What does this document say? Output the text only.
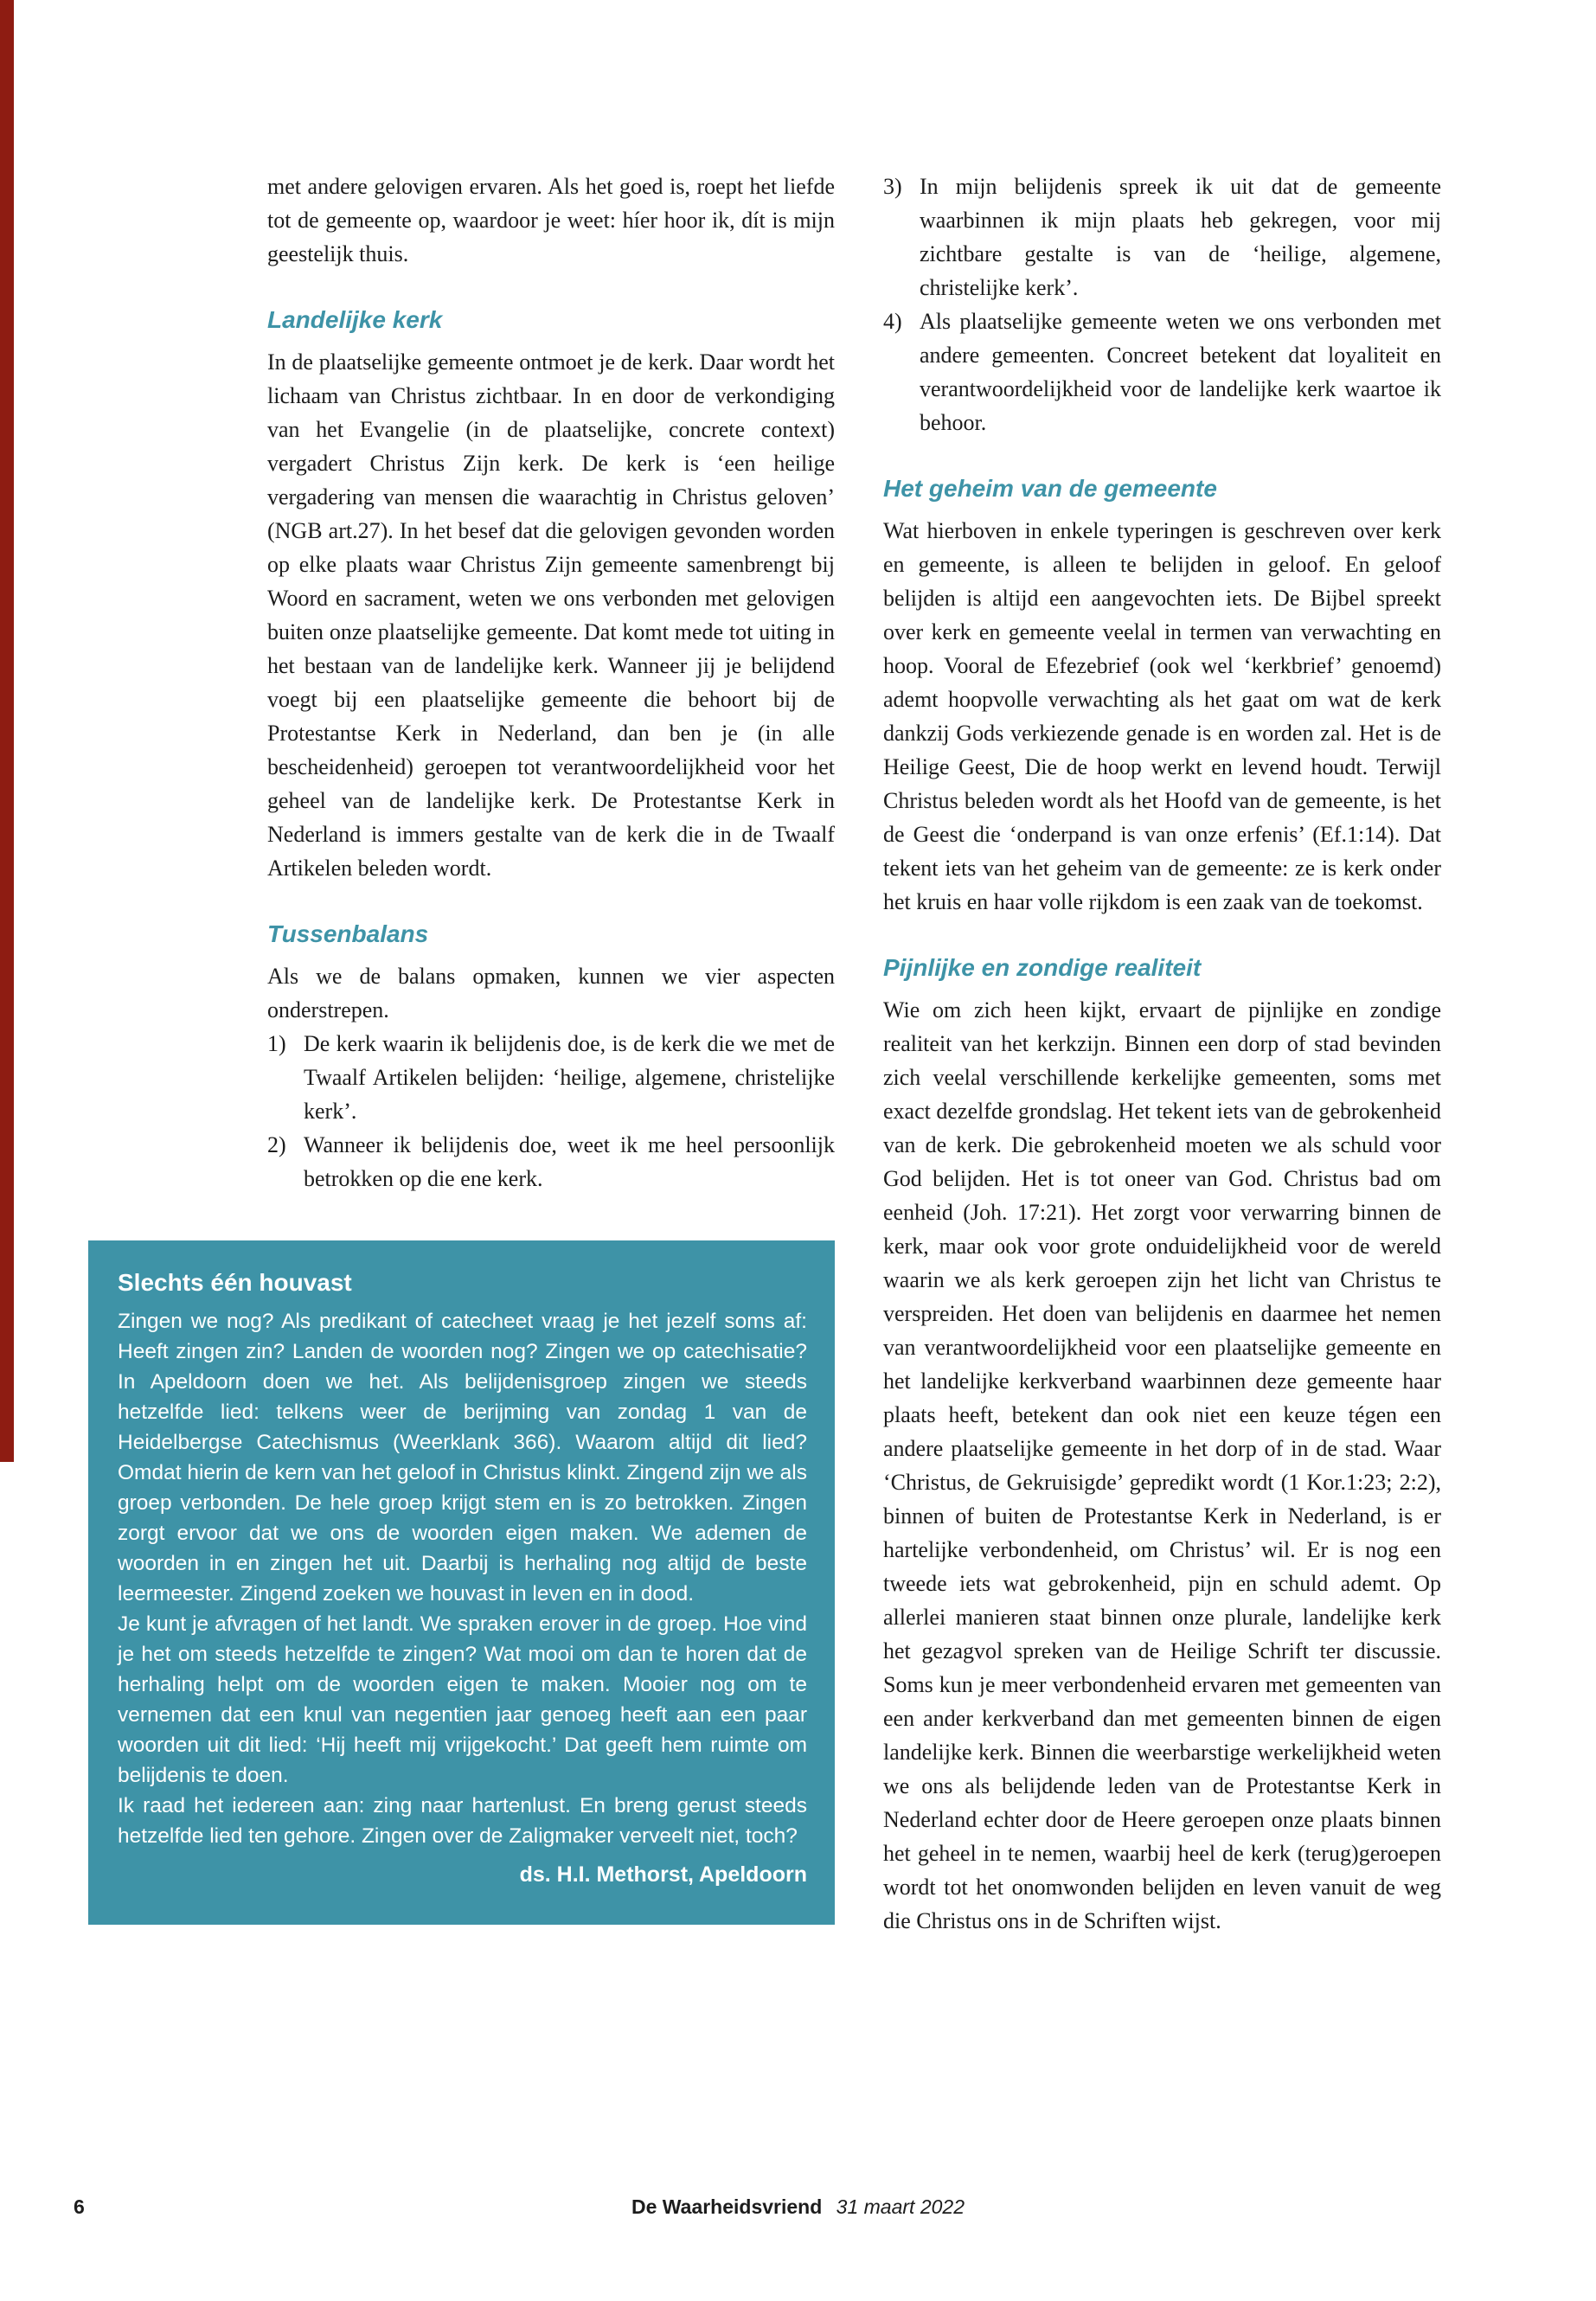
met andere gelovigen ervaren. Als het goed is, roept het liefde tot de gemeente op, waardoor je weet: híer hoor ik, dít is mijn geestelijk thuis.

Landelijke kerk

In de plaatselijke gemeente ontmoet je de kerk. Daar wordt het lichaam van Christus zichtbaar. In en door de verkondiging van het Evangelie (in de plaatselijke, concrete context) vergadert Christus Zijn kerk. De kerk is ‘een heilige vergadering van mensen die waarachtig in Christus geloven’ (NGB art.27). In het besef dat die gelovigen gevonden worden op elke plaats waar Christus Zijn gemeente samenbrengt bij Woord en sacrament, weten we ons verbonden met gelovigen buiten onze plaatselijke gemeente. Dat komt mede tot uiting in het bestaan van de landelijke kerk. Wanneer jij je belijdend voegt bij een plaatselijke gemeente die behoort bij de Protestantse Kerk in Nederland, dan ben je (in alle bescheidenheid) geroepen tot verantwoordelijkheid voor het geheel van de landelijke kerk. De Protestantse Kerk in Nederland is immers gestalte van de kerk die in de Twaalf Artikelen beleden wordt.

Tussenbalans

Als we de balans opmaken, kunnen we vier aspecten onderstrepen.

1) De kerk waarin ik belijdenis doe, is de kerk die we met de Twaalf Artikelen belijden: ‘heilige, algemene, christelijke kerk’.
2) Wanneer ik belijdenis doe, weet ik me heel persoonlijk betrokken op die ene kerk.
Slechts één houvast

Zingen we nog? Als predikant of catecheet vraag je het jezelf soms af: Heeft zingen zin? Landen de woorden nog? Zingen we op catechisatie? In Apeldoorn doen we het. Als belijdenisgroep zingen we steeds hetzelfde lied: telkens weer de berijming van zondag 1 van de Heidelbergse Catechismus (Weerklank 366). Waarom altijd dit lied? Omdat hierin de kern van het geloof in Christus klinkt. Zingend zijn we als groep verbonden. De hele groep krijgt stem en is zo betrokken. Zingen zorgt ervoor dat we ons de woorden eigen maken. We ademen de woorden in en zingen het uit. Daarbij is herhaling nog altijd de beste leermeester. Zingend zoeken we houvast in leven en in dood.

Je kunt je afvragen of het landt. We spraken erover in de groep. Hoe vind je het om steeds hetzelfde te zingen? Wat mooi om dan te horen dat de herhaling helpt om de woorden eigen te maken. Mooier nog om te vernemen dat een knul van negentien jaar genoeg heeft aan een paar woorden uit dit lied: ‘Hij heeft mij vrijgekocht.’ Dat geeft hem ruimte om belijdenis te doen.

Ik raad het iedereen aan: zing naar hartenlust. En breng gerust steeds hetzelfde lied ten gehore. Zingen over de Zaligmaker verveelt niet, toch?

ds. H.I. Methorst, Apeldoorn

3) In mijn belijdenis spreek ik uit dat de gemeente waarbinnen ik mijn plaats heb gekregen, voor mij zichtbare gestalte is van de ‘heilige, algemene, christelijke kerk’.
4) Als plaatselijke gemeente weten we ons verbonden met andere gemeenten. Concreet betekent dat loyaliteit en verantwoordelijkheid voor de landelijke kerk waartoe ik behoor.
Het geheim van de gemeente

Wat hierboven in enkele typeringen is geschreven over kerk en gemeente, is alleen te belijden in geloof. En geloof belijden is altijd een aangevochten iets. De Bijbel spreekt over kerk en gemeente veelal in termen van verwachting en hoop. Vooral de Efezebrief (ook wel ‘kerkbrief’ genoemd) ademt hoopvolle verwachting als het gaat om wat de kerk dankzij Gods verkiezende genade is en worden zal. Het is de Heilige Geest, Die de hoop werkt en levend houdt. Terwijl Christus beleden wordt als het Hoofd van de gemeente, is het de Geest die ‘onderpand is van onze erfenis’ (Ef.1:14). Dat tekent iets van het geheim van de gemeente: ze is kerk onder het kruis en haar volle rijkdom is een zaak van de toekomst.

Pijnlijke en zondige realiteit

Wie om zich heen kijkt, ervaart de pijnlijke en zondige realiteit van het kerkzijn. Binnen een dorp of stad bevinden zich veelal verschillende kerkelijke gemeenten, soms met exact dezelfde grondslag. Het tekent iets van de gebrokenheid van de kerk. Die gebrokenheid moeten we als schuld voor God belijden. Het is tot oneer van God. Christus bad om eenheid (Joh. 17:21). Het zorgt voor verwarring binnen de kerk, maar ook voor grote onduidelijkheid voor de wereld waarin we als kerk geroepen zijn het licht van Christus te verspreiden. Het doen van belijdenis en daarmee het nemen van verantwoordelijkheid voor een plaatselijke gemeente en het landelijke kerkverband waarbinnen deze gemeente haar plaats heeft, betekent dan ook niet een keuze tégen een andere plaatselijke gemeente in het dorp of in de stad. Waar ‘Christus, de Gekruisigde’ gepredikt wordt (1 Kor.1:23; 2:2), binnen of buiten de Protestantse Kerk in Nederland, is er hartelijke verbondenheid, om Christus’ wil. Er is nog een tweede iets wat gebrokenheid, pijn en schuld ademt. Op allerlei manieren staat binnen onze plurale, landelijke kerk het gezagvol spreken van de Heilige Schrift ter discussie. Soms kun je meer verbondenheid ervaren met gemeenten van een ander kerkverband dan met gemeenten binnen de eigen landelijke kerk. Binnen die weerbarstige werkelijkheid weten we ons als belijdende leden van de Protestantse Kerk in Nederland echter door de Heere geroepen onze plaats binnen het geheel in te nemen, waarbij heel de kerk (terug)geroepen wordt tot het onomwonden belijden en leven vanuit de weg die Christus ons in de Schriften wijst.

6	De Waarheidsvriend 31 maart 2022
